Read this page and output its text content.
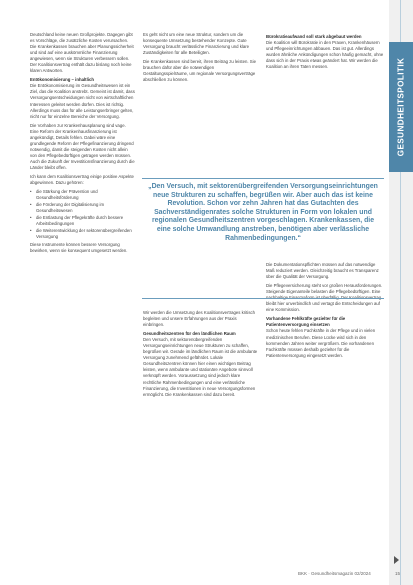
Deutschland keine neuen Großprojekte. Dagegen gibt es Vorschläge, die zusätzliche Kosten verursachen. Die Krankenkassen brauchen aber Planungssicherheit und sind auf eine auskömmliche Finanzierung angewiesen, wenn sie Strukturen verbessern sollen. Der Koalitionsvertrag enthält dazu bislang noch keine klaren Antworten.

Entökonomisierung – inhaltlich

Die Entökonomisierung im Gesundheitswesen ist ein Ziel, das die Koalition anstrebt. Gemeint ist damit, dass Versorgungsentscheidungen nicht von wirtschaftlichen Interessen geleitet werden dürfen. Dies ist richtig. Allerdings muss das für alle Leistungserbringer gelten, nicht nur für einzelne Bereiche der Versorgung.

Die Vorhaben zur Krankenhausplanung sind vage. Eine Reform der Krankenhausfinanzierung ist angekündigt, Details fehlen. Dabei wäre eine grundlegende Reform der Pflegefinanzierung dringend notwendig, damit die steigenden Kosten nicht allein von den Pflegebedürftigen getragen werden müssen. Auch die Zukunft der Investitionsfinanzierung durch die Länder bleibt offen.

Ich kann dem Koalitionsvertrag einige positive Aspekte abgewinnen. Dazu gehören:

• die Stärkung der Prävention und Gesundheitsförderung
• die Förderung der Digitalisierung im Gesundheitswesen
• die Entlastung der Pflegekräfte durch bessere Arbeitsbedingungen
• die Weiterentwicklung der sektorenübergreifenden Versorgung

Diese Instrumente können bessere Versorgung bewirken, wenn sie konsequent umgesetzt werden.

Es geht nicht um eine neue Struktur, sondern um die konsequente Umsetzung bestehender Konzepte. Gute Versorgung braucht verlässliche Finanzierung und klare Zuständigkeiten für alle Beteiligten.

Die Krankenkassen sind bereit, ihren Beitrag zu leisten. Sie brauchen dafür aber die notwendigen Gestaltungsspielräume, um regionale Versorgungsverträge abschließen zu können.

Wir werden die Umsetzung des Koalitionsvertrages kritisch begleiten und unsere Erfahrungen aus der Praxis einbringen.

Gesundheitszentren für den ländlichen Raum

Den Versuch, mit sektorenübergreifenden Versorgungseinrichtungen neue Strukturen zu schaffen, begrüßen wir. Gerade im ländlichen Raum ist die ambulante Versorgung zunehmend gefährdet. Lokale Gesundheitszentren können hier einen wichtigen Beitrag leisten, wenn ambulante und stationäre Angebote sinnvoll verknüpft werden. Voraussetzung sind jedoch klare rechtliche Rahmenbedingungen und eine verlässliche Finanzierung, die Investitionen in neue Versorgungsformen ermöglicht. Die Krankenkassen sind dazu bereit.

Bürokratieaufwand soll stark abgebaut werden

Die Koalition will Bürokratie in den Praxen, Krankenhäusern und Pflegeeinrichtungen abbauen. Das ist gut. Allerdings wurden ähnliche Ankündigungen schon häufig gemacht, ohne dass sich in der Praxis etwas geändert hat. Wir werden die Koalition an ihren Taten messen.

Die Dokumentationspflichten müssen auf das notwendige Maß reduziert werden. Gleichzeitig braucht es Transparenz über die Qualität der Versorgung.

Die Pflegeversicherung steht vor großen Herausforderungen. Steigende Eigenanteile belasten die Pflegebedürftigen. Eine bleibt hier unverbindlich und vertagt die Entscheidungen auf eine Kommission.

Vorhandene Fehlkräfte gezielter für die Patientenversorgung einsetzen

Schon heute fehlen Fachkräfte in der Pflege und in vielen medizinischen Berufen. Diese Lücke wird sich in den kommenden Jahren weiter vergrößern. Die vorhandenen Fachkräfte müssen deshalb gezielter für die Patientenversorgung eingesetzt werden.

„Den Versuch, mit sektorenübergreifenden Versorgungseinrichtungen neue Strukturen zu schaffen, begrüßen wir. Aber auch das ist keine Revolution. Schon vor zehn Jahren hat das Gutachten des Sachverständigenrates solche Strukturen in Form von lokalen und regionalen Gesundheitszentren vorgeschlagen. Krankenkassen, die eine solche Umwandlung anstreben, benötigen aber verlässliche Rahmenbedingungen.“
GESUNDHEITSPOLITIK
BKK · Gesundheitsmagazin 02/2024	15
